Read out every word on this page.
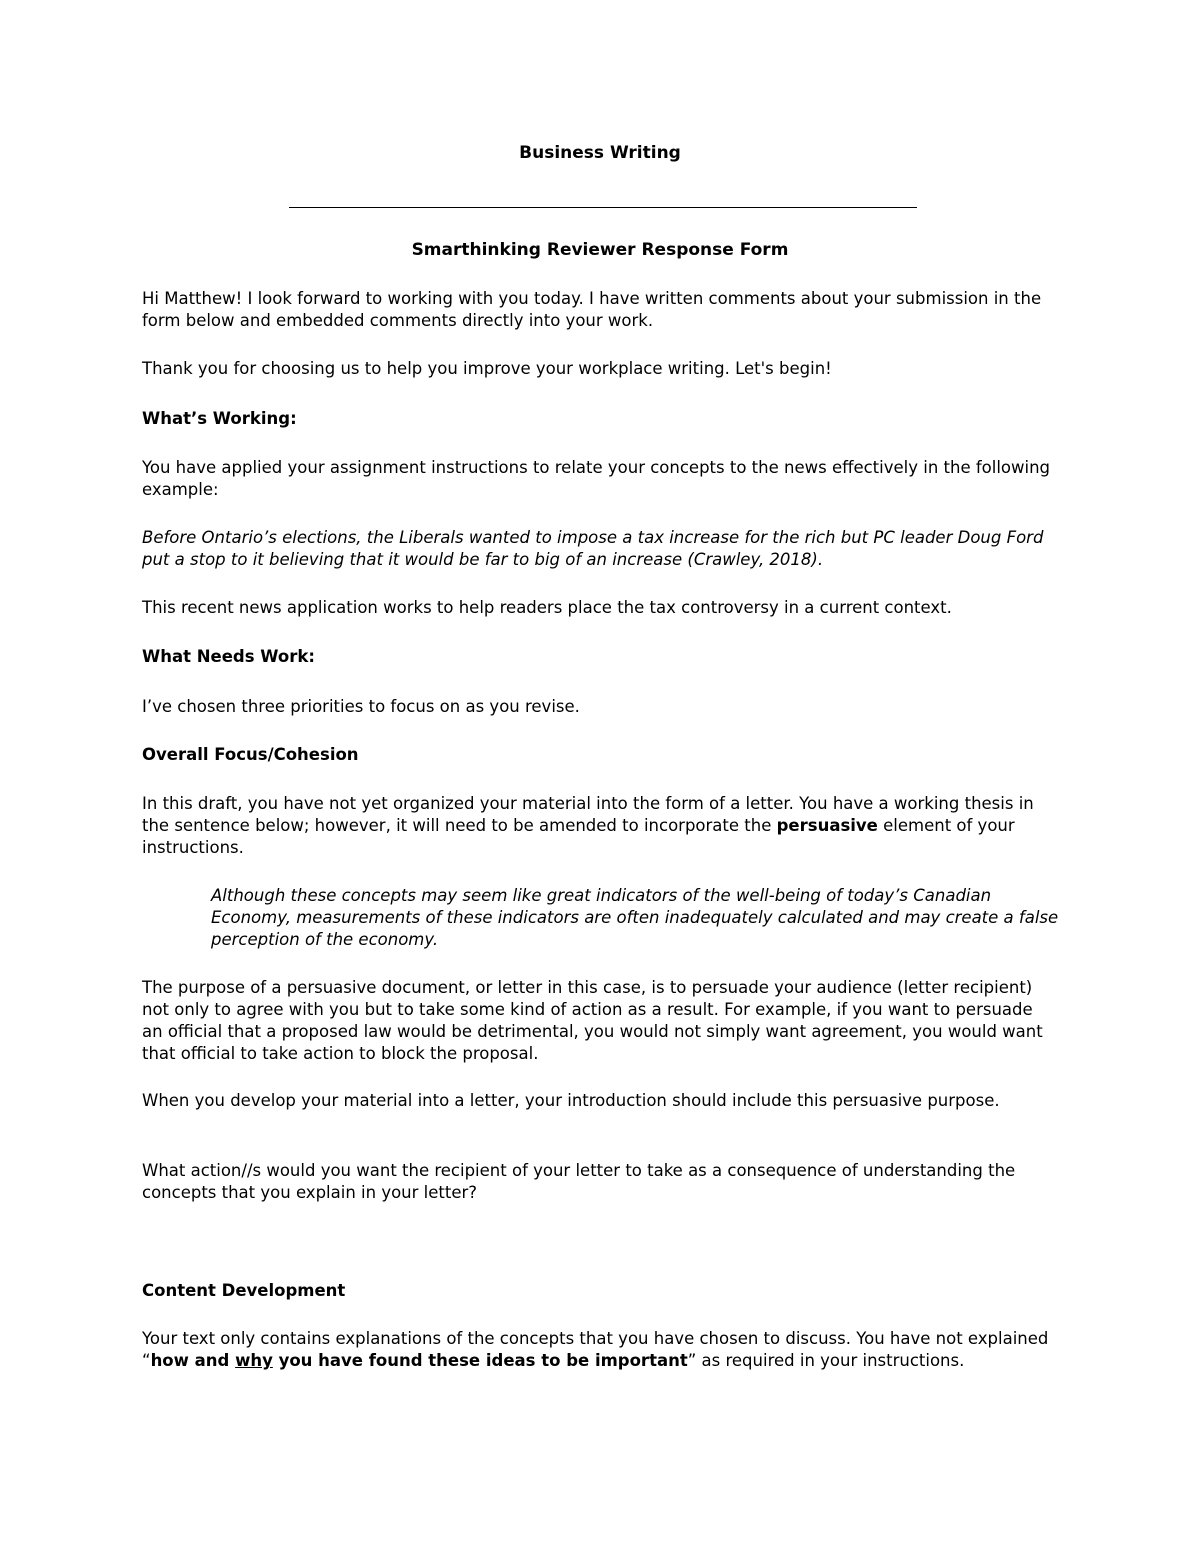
Business Writing
Smarthinking Reviewer Response Form

Hi Matthew! I look forward to working with you today. I have written comments about your submission in the form below and embedded comments directly into your work.

Thank you for choosing us to help you improve your workplace writing. Let's begin!

What’s Working:

You have applied your assignment instructions to relate your concepts to the news effectively in the following example:

Before Ontario’s elections, the Liberals wanted to impose a tax increase for the rich but PC leader Doug Ford put a stop to it believing that it would be far to big of an increase (Crawley, 2018).

This recent news application works to help readers place the tax controversy in a current context.

What Needs Work:

I’ve chosen three priorities to focus on as you revise.

Overall Focus/Cohesion

In this draft, you have not yet organized your material into the form of a letter. You have a working thesis in the sentence below; however, it will need to be amended to incorporate the persuasive element of your instructions.

Although these concepts may seem like great indicators of the well-being of today’s Canadian Economy, measurements of these indicators are often inadequately calculated and may create a false perception of the economy.

The purpose of a persuasive document, or letter in this case, is to persuade your audience (letter recipient) not only to agree with you but to take some kind of action as a result. For example, if you want to persuade an official that a proposed law would be detrimental, you would not simply want agreement, you would want that official to take action to block the proposal.

When you develop your material into a letter, your introduction should include this persuasive purpose.

What action//s would you want the recipient of your letter to take as a consequence of understanding the concepts that you explain in your letter?

Content Development

Your text only contains explanations of the concepts that you have chosen to discuss. You have not explained “how and why you have found these ideas to be important” as required in your instructions.
